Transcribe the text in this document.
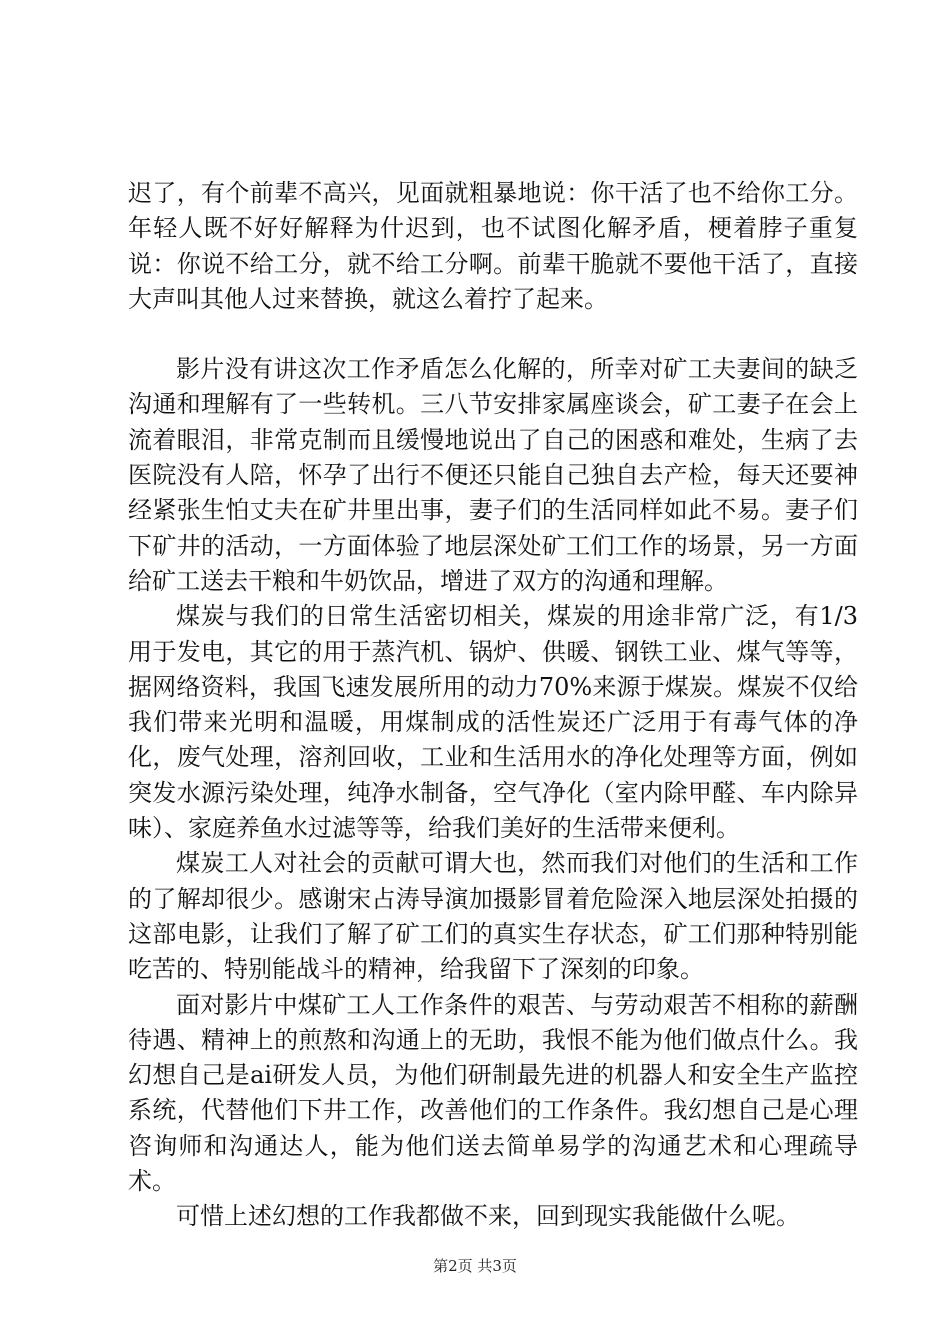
迟了，有个前辈不高兴，见面就粗暴地说：你干活了也不给你工分。年轻人既不好好解释为什迟到，也不试图化解矛盾，梗着脖子重复说：你说不给工分，就不给工分啊。前辈干脆就不要他干活了，直接大声叫其他人过来替换，就这么着拧了起来。

影片没有讲这次工作矛盾怎么化解的，所幸对矿工夫妻间的缺乏沟通和理解有了一些转机。三八节安排家属座谈会，矿工妻子在会上流着眼泪，非常克制而且缓慢地说出了自己的困惑和难处，生病了去医院没有人陪，怀孕了出行不便还只能自己独自去产检，每天还要神经紧张生怕丈夫在矿井里出事，妻子们的生活同样如此不易。妻子们下矿井的活动，一方面体验了地层深处矿工们工作的场景，另一方面给矿工送去干粮和牛奶饮品，增进了双方的沟通和理解。

煤炭与我们的日常生活密切相关，煤炭的用途非常广泛，有1/3用于发电，其它的用于蒸汽机、锅炉、供暖、钢铁工业、煤气等等，据网络资料，我国飞速发展所用的动力70%来源于煤炭。煤炭不仅给我们带来光明和温暖，用煤制成的活性炭还广泛用于有毒气体的净化，废气处理，溶剂回收，工业和生活用水的净化处理等方面，例如突发水源污染处理，纯净水制备，空气净化（室内除甲醛、车内除异味）、家庭养鱼水过滤等等，给我们美好的生活带来便利。

煤炭工人对社会的贡献可谓大也，然而我们对他们的生活和工作的了解却很少。感谢宋占涛导演加摄影冒着危险深入地层深处拍摄的这部电影，让我们了解了矿工们的真实生存状态，矿工们那种特别能吃苦的、特别能战斗的精神，给我留下了深刻的印象。

面对影片中煤矿工人工作条件的艰苦、与劳动艰苦不相称的薪酬待遇、精神上的煎熬和沟通上的无助，我恨不能为他们做点什么。我幻想自己是ai研发人员，为他们研制最先进的机器人和安全生产监控系统，代替他们下井工作，改善他们的工作条件。我幻想自己是心理咨询师和沟通达人，能为他们送去简单易学的沟通艺术和心理疏导术。

可惜上述幻想的工作我都做不来，回到现实我能做什么呢。

第2页 共3页
